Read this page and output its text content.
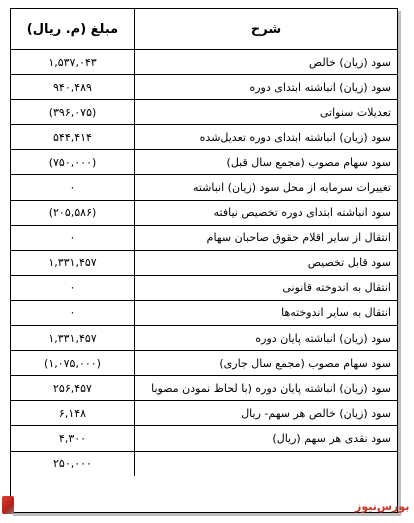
شرح	مبلغ (م. ریال)
سود (زیان) خالص	۱,۵۳۷,۰۴۳
سود (زیان) انباشته ابتدای دوره	۹۴۰,۴۸۹
تعدیلات سنواتی	(۳۹۶,۰۷۵)
سود (زیان) انباشته ابتدای دوره تعدیل‌شده	۵۴۴,۴۱۴
سود سهام مصوب (مجمع سال قبل)	(۷۵۰,۰۰۰)
تغییرات سرمایه از محل سود (زیان) انباشته	۰
سود انباشته ابتدای دوره تخصیص نیافته	(۲۰۵,۵۸۶)
انتقال از سایر اقلام حقوق صاحبان سهام	۰
سود قابل تخصیص	۱,۳۳۱,۴۵۷
انتقال به اندوخته قانونی	۰
انتقال به سایر اندوخته‌ها	۰
سود (زیان) انباشته پایان دوره	۱,۳۳۱,۴۵۷
سود سهام مصوب (مجمع سال جاری)	(۱,۰۷۵,۰۰۰)
سود (زیان) انباشته پایان دوره (با لحاظ نمودن مصوبا	۲۵۶,۴۵۷
سود (زیان) خالص هر سهم- ریال	۶,۱۴۸
سود نقدی هر سهم (ریال)	۴,۳۰۰
	۲۵۰,۰۰۰
بورس‌نیوز
